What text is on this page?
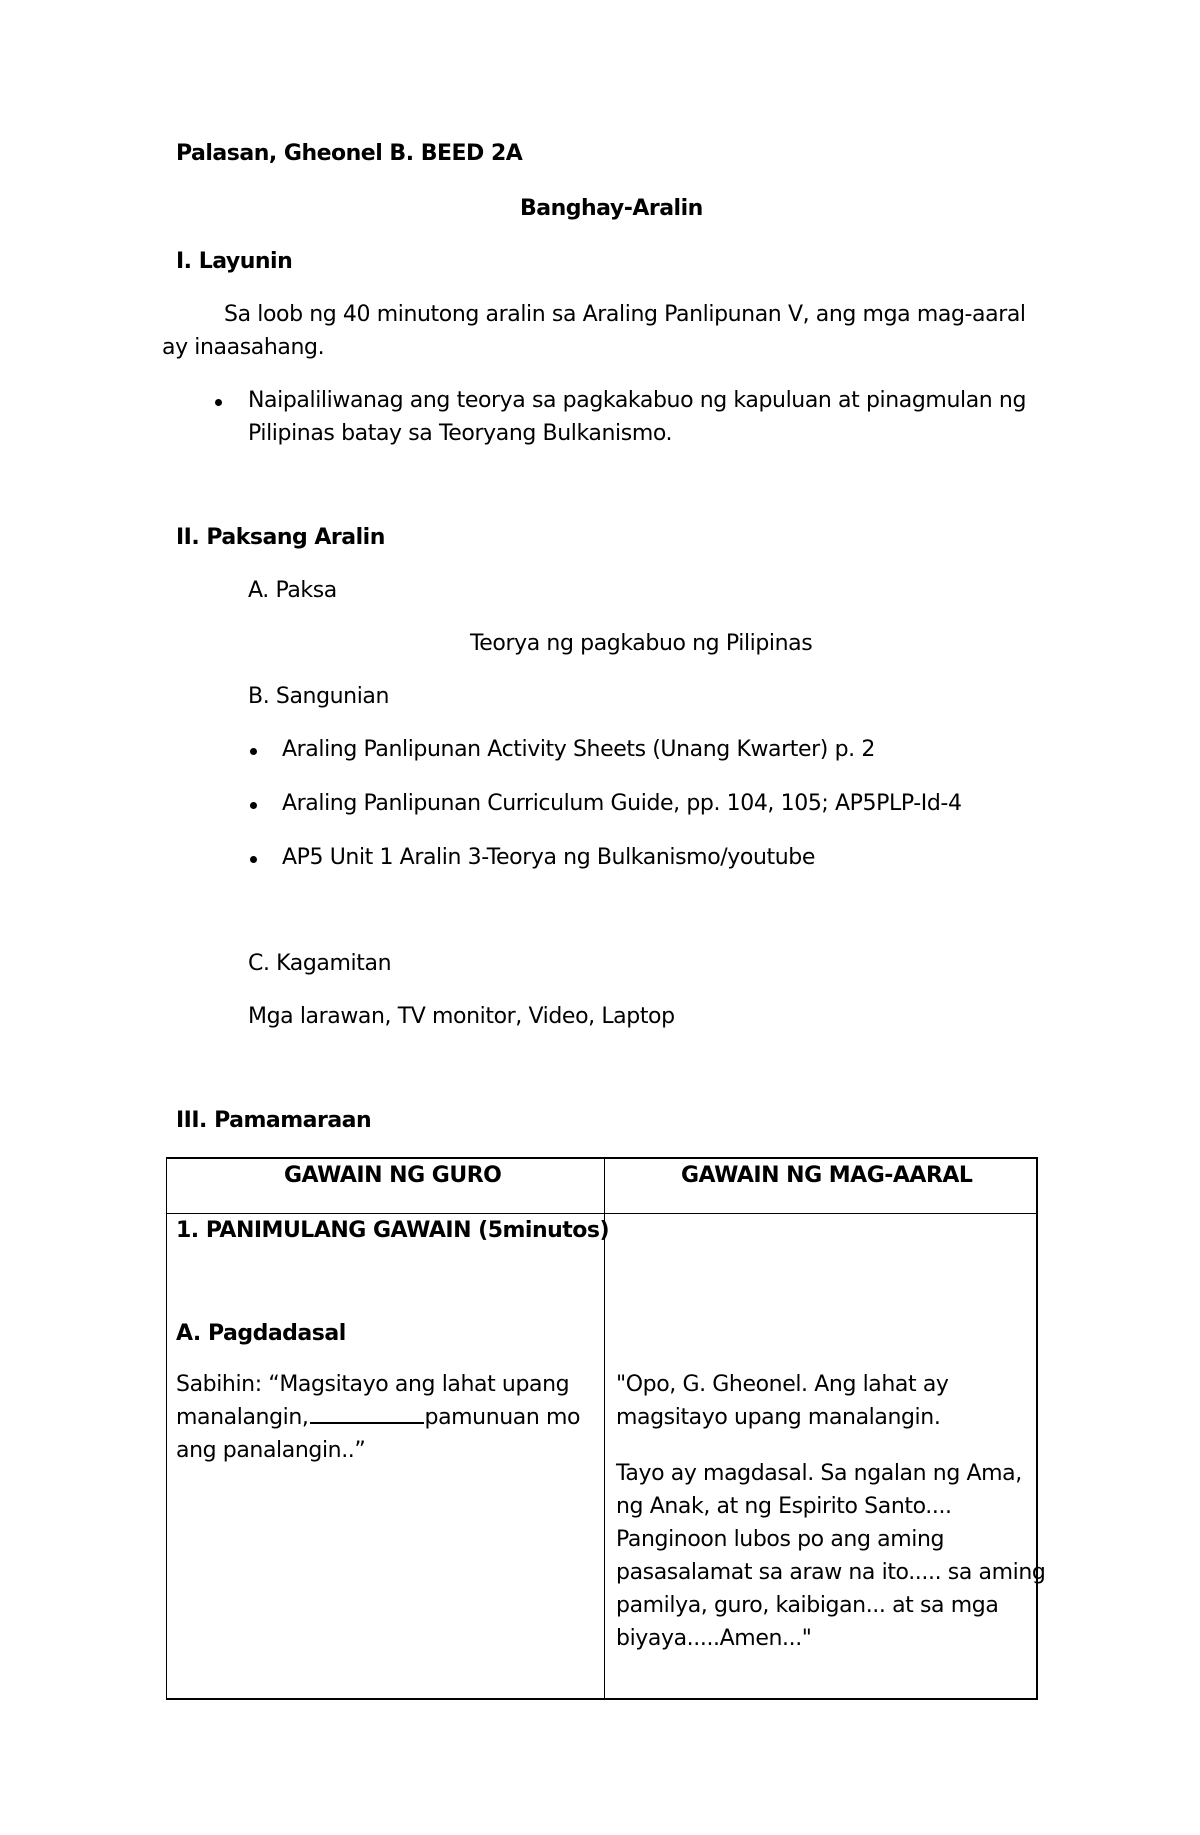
Palasan, Gheonel B. BEED 2A
Banghay-Aralin
I. Layunin
Sa loob ng 40 minutong aralin sa Araling Panlipunan V, ang mga mag-aaral
ay inaasahang.
Naipaliliwanag ang teorya sa pagkakabuo ng kapuluan at pinagmulan ng
Pilipinas batay sa Teoryang Bulkanismo.
II. Paksang Aralin
A. Paksa
Teorya ng pagkabuo ng Pilipinas
B. Sangunian
Araling Panlipunan Activity Sheets (Unang Kwarter) p. 2
Araling Panlipunan Curriculum Guide, pp. 104, 105; AP5PLP-Id-4
AP5 Unit 1 Aralin 3-Teorya ng Bulkanismo/youtube
C. Kagamitan
Mga larawan, TV monitor, Video, Laptop
III. Pamamaraan
GAWAIN NG GURO	GAWAIN NG MAG-AARAL
1. PANIMULANG GAWAIN (5minutos)
A. Pagdadasal
Sabihin: “Magsitayo ang lahat upang
manalangin,	pamunuan mo
ang panalangin..”
"Opo, G. Gheonel. Ang lahat ay
magsitayo upang manalangin.
Tayo ay magdasal. Sa ngalan ng Ama,
ng Anak, at ng Espirito Santo....
Panginoon lubos po ang aming
pasasalamat sa araw na ito..... sa aming
pamilya, guro, kaibigan... at sa mga
biyaya.....Amen..."
